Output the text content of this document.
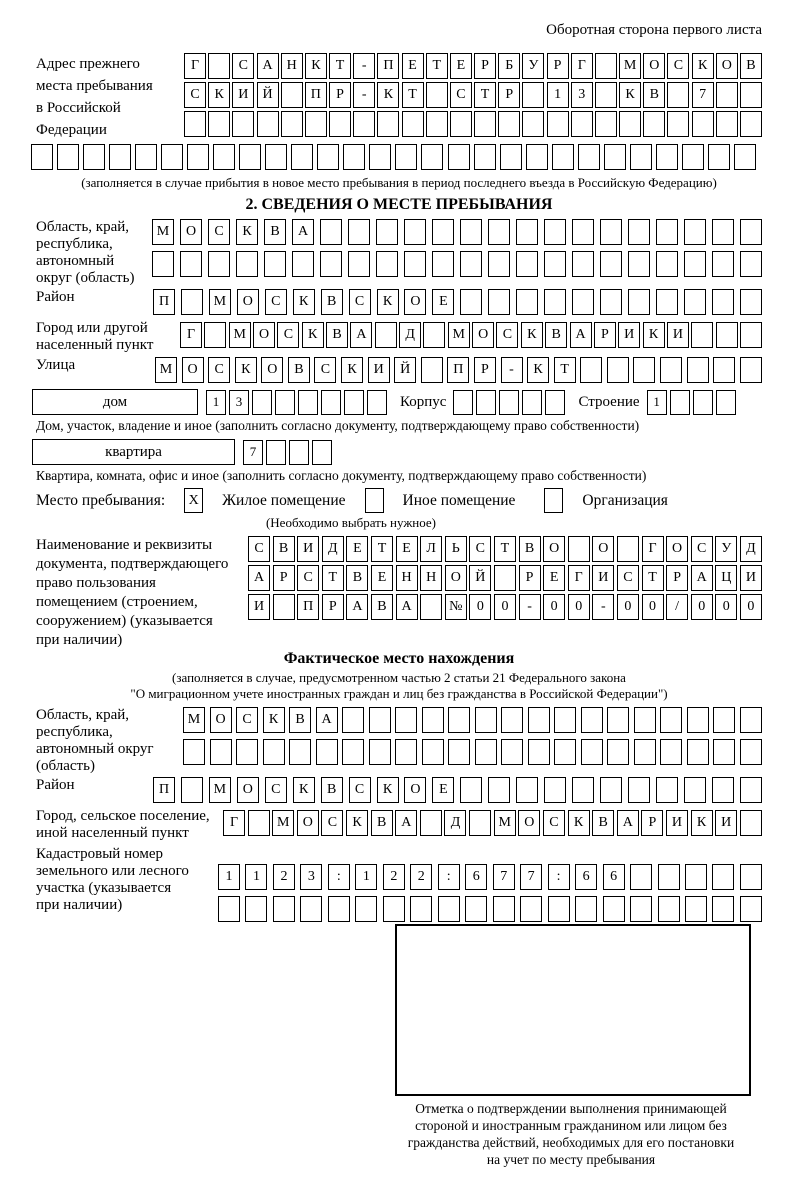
Оборотная сторона первого листа
Адрес прежнего
места пребывания
в Российской
Федерации
Г	С	А	Н	К	Т	-	П	Е	Т	Е	Р	Б	У	Р	Г	М О	С	К	О	В
С	К	И	Й	П	Р	-	К	Т	С	Т	Р	1	3	К	В	7
(заполняется в случае прибытия в новое место пребывания в период последнего въезда в Российскую Федерацию)
2. СВЕДЕНИЯ О МЕСТЕ ПРЕБЫВАНИЯ
Область, край,
республика,
автономный
округ (область)
М	О	С	К	В	А
Район	П	М	О	С	К	В	С	К	О	Е
Город или другой
населенный пункт
Г	М О	С	К	В	А	Д	М О	С	К	В	А	Р	И	К	И
Улица	М	О	С	К	О	В	С	К	И	Й	П	Р	-	К	Т
дом	1	3	Корпус	Строение	1
Дом, участок, владение и иное (заполнить согласно документу, подтверждающему право собственности)
квартира	7
Квартира, комната, офис и иное (заполнить согласно документу, подтверждающему право собственности)
Место пребывания:	X Жилое помещение	Иное помещение	Организация
(Необходимо выбрать нужное)
Наименование и реквизиты
документа, подтверждающего
право пользования
помещением (строением,
сооружением) (указывается
при наличии)
С	В	И	Д	Е	Т	Е	Л	Ь	С	Т	В	О	О	Г	О	С	У	Д
А	Р	С	Т	В	Е	Н	Н	О	Й	Р	Е	Г	И	С	Т	Р	А	Ц	И
И	П	Р	А	В	А	№	0	0	-	0	0	-	0	0	/	0	0	0
Фактическое место нахождения
(заполняется в случае, предусмотренном частью 2 статьи 21 Федерального закона
"О миграционном учете иностранных граждан и лиц без гражданства в Российской Федерации")
Область, край,
республика,
автономный округ
(область)
М	О	С	К	В	А
Район	П	М	О	С	К	В	С	К	О	Е
Город, сельское поселение,
иной населенный пункт
Г	М О	С	К	В	А	Д	М О	С	К	В	А	Р	И	К	И
Кадастровый номер
земельного или лесного
участка (указывается
при наличии)
1	1	2	3	:	1	2	2	:	6	7	7	:	6	6
Отметка о подтверждении выполнения принимающей
стороной и иностранным гражданином или лицом без
гражданства действий, необходимых для его постановки
на учет по месту пребывания
